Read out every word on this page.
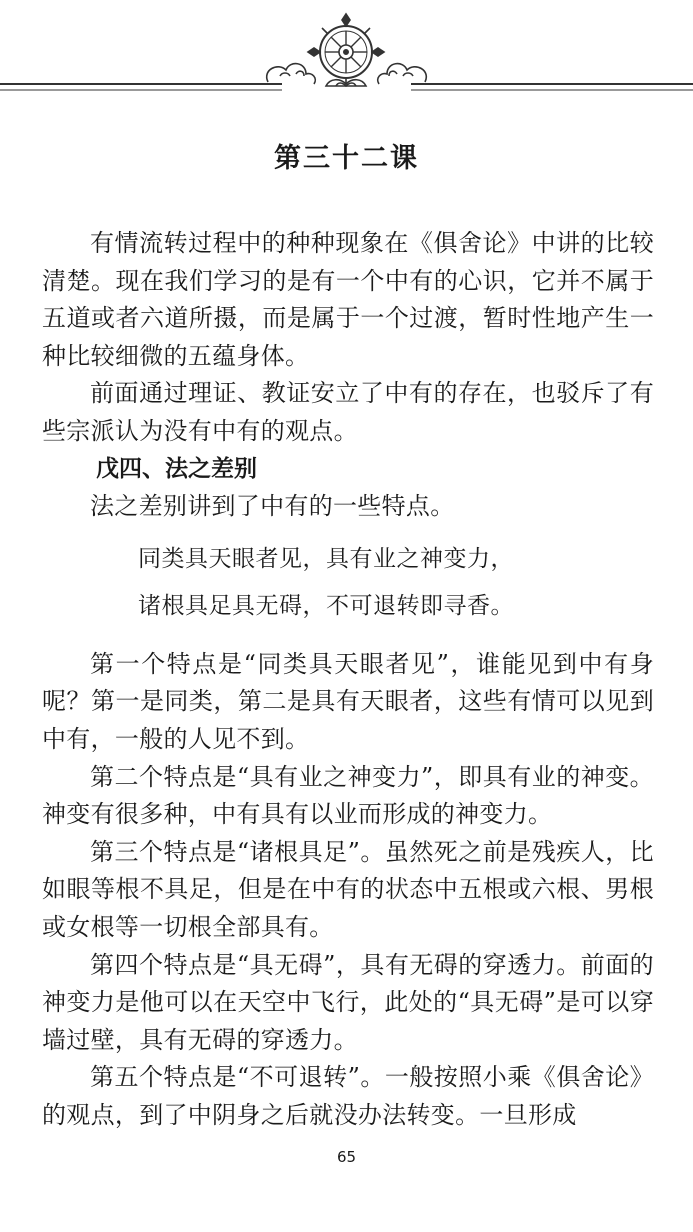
第三十二课

有情流转过程中的种种现象在《俱舍论》中讲的比较清楚。现在我们学习的是有一个中有的心识，它并不属于五道或者六道所摄，而是属于一个过渡，暂时性地产生一种比较细微的五蕴身体。

前面通过理证、教证安立了中有的存在，也驳斥了有些宗派认为没有中有的观点。

戊四、法之差别

法之差别讲到了中有的一些特点。

同类具天眼者见，具有业之神变力，

诸根具足具无碍，不可退转即寻香。

第一个特点是“同类具天眼者见”，谁能见到中有身呢？第一是同类，第二是具有天眼者，这些有情可以见到中有，一般的人见不到。

第二个特点是“具有业之神变力”，即具有业的神变。神变有很多种，中有具有以业而形成的神变力。

第三个特点是“诸根具足”。虽然死之前是残疾人，比如眼等根不具足，但是在中有的状态中五根或六根、男根或女根等一切根全部具有。

第四个特点是“具无碍”，具有无碍的穿透力。前面的神变力是他可以在天空中飞行，此处的“具无碍”是可以穿墙过壁，具有无碍的穿透力。

第五个特点是“不可退转”。一般按照小乘《俱舍论》的观点，到了中阴身之后就没办法转变。一旦形成

65
